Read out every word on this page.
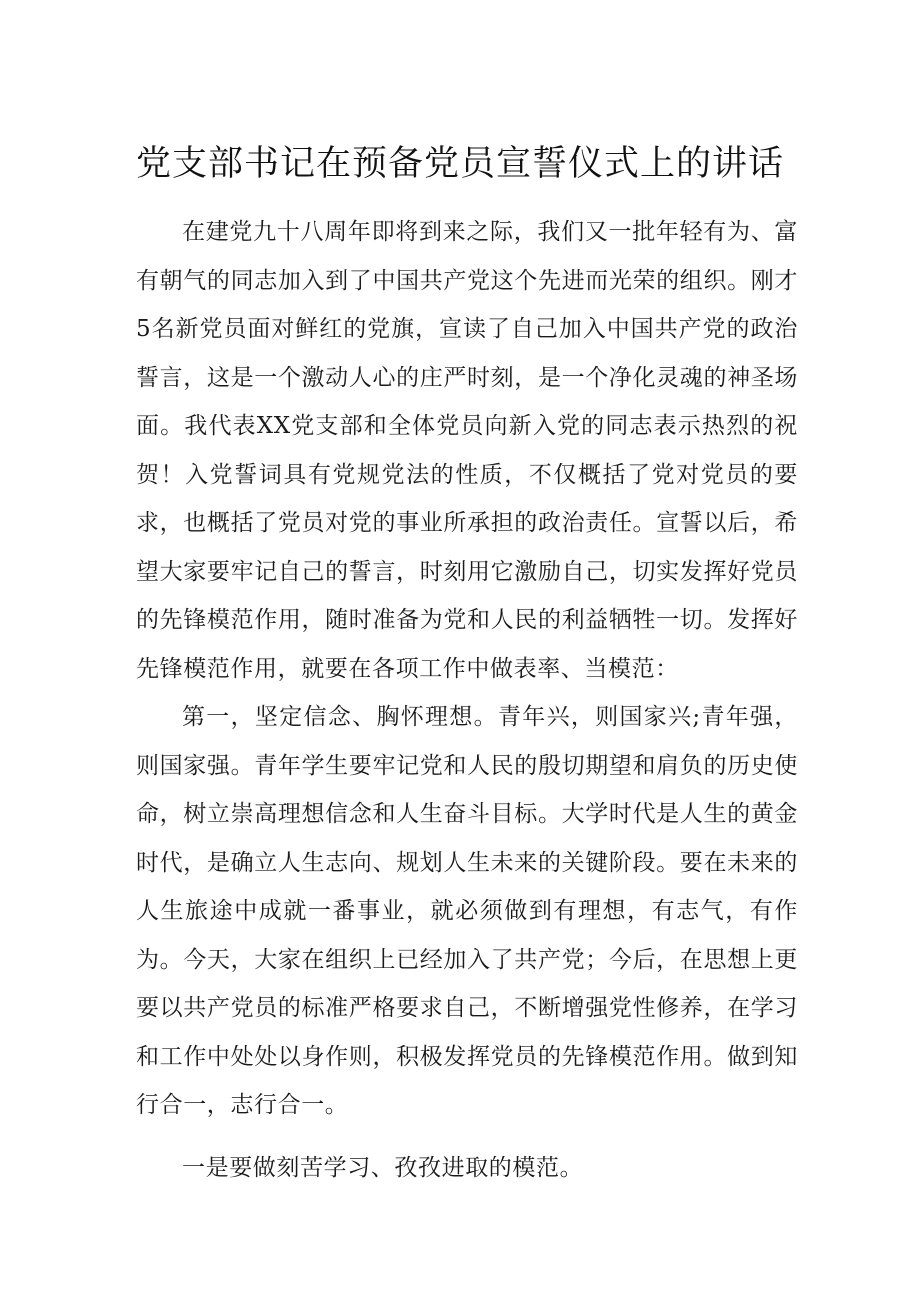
党支部书记在预备党员宣誓仪式上的讲话

在建党九十八周年即将到来之际，我们又一批年轻有为、富有朝气的同志加入到了中国共产党这个先进而光荣的组织。刚才5名新党员面对鲜红的党旗，宣读了自己加入中国共产党的政治誓言，这是一个激动人心的庄严时刻，是一个净化灵魂的神圣场面。我代表XX党支部和全体党员向新入党的同志表示热烈的祝贺！入党誓词具有党规党法的性质，不仅概括了党对党员的要求，也概括了党员对党的事业所承担的政治责任。宣誓以后，希望大家要牢记自己的誓言，时刻用它激励自己，切实发挥好党员的先锋模范作用，随时准备为党和人民的利益牺牲一切。发挥好先锋模范作用，就要在各项工作中做表率、当模范：

第一，坚定信念、胸怀理想。青年兴，则国家兴;青年强，则国家强。青年学生要牢记党和人民的殷切期望和肩负的历史使命，树立崇高理想信念和人生奋斗目标。大学时代是人生的黄金时代，是确立人生志向、规划人生未来的关键阶段。要在未来的人生旅途中成就一番事业，就必须做到有理想，有志气，有作为。今天，大家在组织上已经加入了共产党；今后，在思想上更要以共产党员的标准严格要求自己，不断增强党性修养，在学习和工作中处处以身作则，积极发挥党员的先锋模范作用。做到知行合一，志行合一。

一是要做刻苦学习、孜孜进取的模范。
